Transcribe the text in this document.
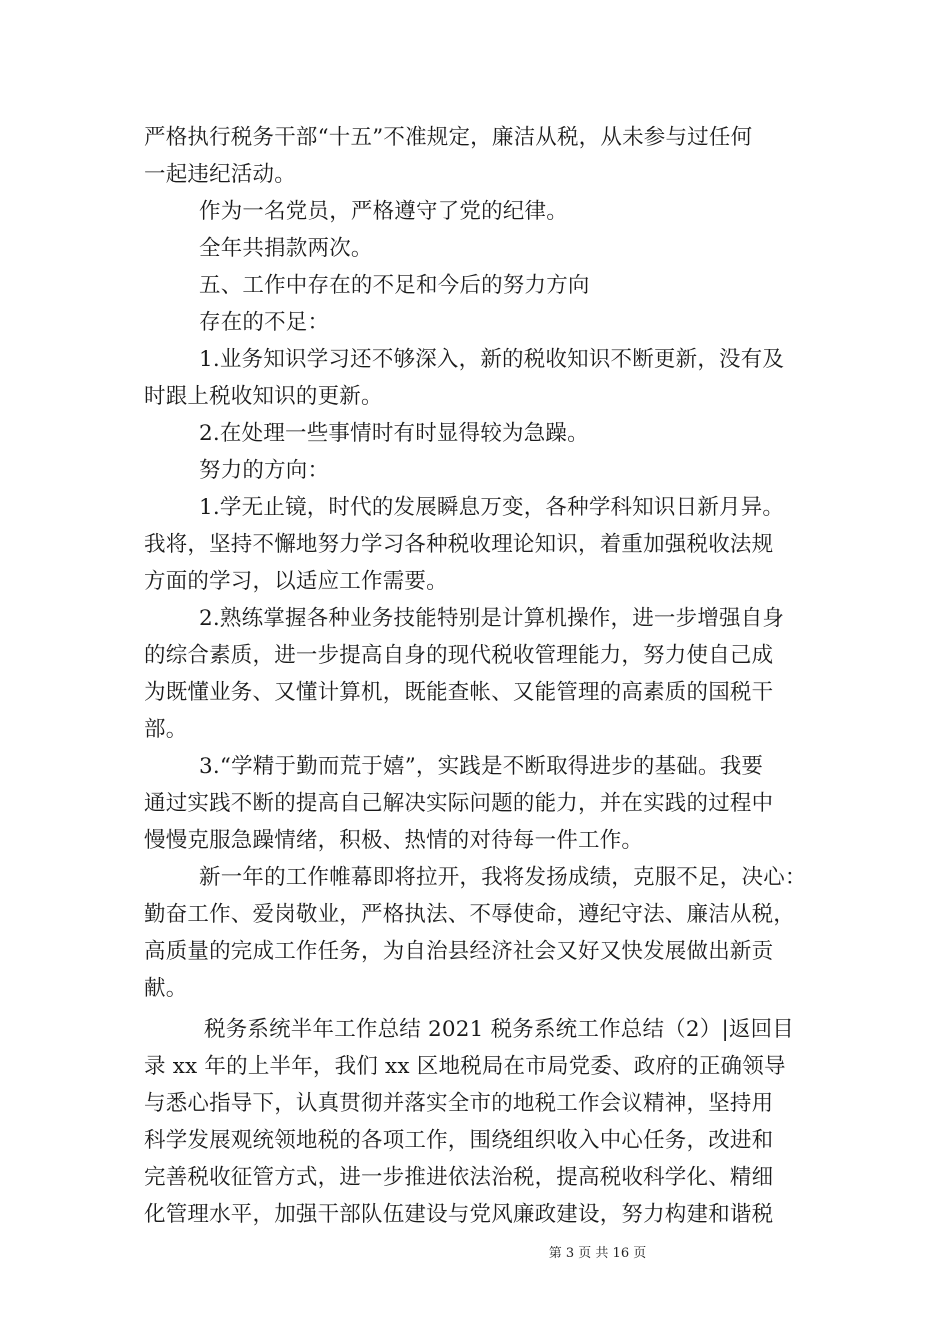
严格执行税务干部“十五”不准规定，廉洁从税，从未参与过任何
一起违纪活动。
作为一名党员，严格遵守了党的纪律。
全年共捐款两次。
五、工作中存在的不足和今后的努力方向
存在的不足：
1.业务知识学习还不够深入，新的税收知识不断更新，没有及
时跟上税收知识的更新。
2.在处理一些事情时有时显得较为急躁。
努力的方向：
1.学无止镜，时代的发展瞬息万变，各种学科知识日新月异。
我将，坚持不懈地努力学习各种税收理论知识，着重加强税收法规
方面的学习，以适应工作需要。
2.熟练掌握各种业务技能特别是计算机操作，进一步增强自身
的综合素质，进一步提高自身的现代税收管理能力，努力使自己成
为既懂业务、又懂计算机，既能查帐、又能管理的高素质的国税干
部。
3.“学精于勤而荒于嬉”，实践是不断取得进步的基础。我要
通过实践不断的提高自己解决实际问题的能力，并在实践的过程中
慢慢克服急躁情绪，积极、热情的对待每一件工作。
新一年的工作帷幕即将拉开，我将发扬成绩，克服不足，决心：
勤奋工作、爱岗敬业，严格执法、不辱使命，遵纪守法、廉洁从税，
高质量的完成工作任务，为自治县经济社会又好又快发展做出新贡
献。
税务系统半年工作总结 2021 税务系统工作总结（2）|返回目
录 xx 年的上半年，我们 xx 区地税局在市局党委、政府的正确领导
与悉心指导下，认真贯彻并落实全市的地税工作会议精神，坚持用
科学发展观统领地税的各项工作，围绕组织收入中心任务，改进和
完善税收征管方式，进一步推进依法治税，提高税收科学化、精细
化管理水平，加强干部队伍建设与党风廉政建设，努力构建和谐税
第 3 页 共 16 页
